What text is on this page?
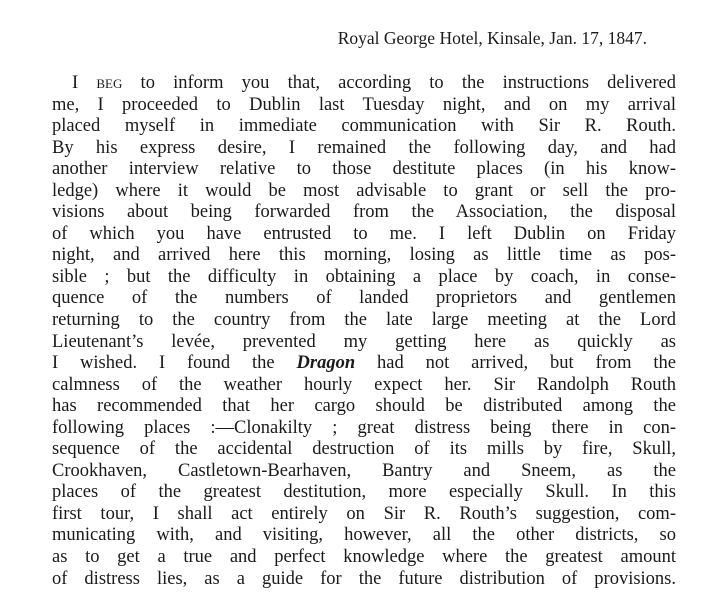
Royal George Hotel, Kinsale, Jan. 17, 1847.
I beg to inform you that, according to the instructions delivered
me, I proceeded to Dublin last Tuesday night, and on my arrival
placed myself in immediate communication with Sir R. Routh.
By his express desire, I remained the following day, and had
another interview relative to those destitute places (in his know-
ledge) where it would be most advisable to grant or sell the pro-
visions about being forwarded from the Association, the disposal
of which you have entrusted to me. I left Dublin on Friday
night, and arrived here this morning, losing as little time as pos-
sible ; but the difficulty in obtaining a place by coach, in conse-
quence of the numbers of landed proprietors and gentlemen
returning to the country from the late large meeting at the Lord
Lieutenant’s levée, prevented my getting here as quickly as
I wished. I found the Dragon had not arrived, but from the
calmness of the weather hourly expect her. Sir Randolph Routh
has recommended that her cargo should be distributed among the
following places :—Clonakilty ; great distress being there in con-
sequence of the accidental destruction of its mills by fire, Skull,
Crookhaven, Castletown-Bearhaven, Bantry and Sneem, as the
places of the greatest destitution, more especially Skull. In this
first tour, I shall act entirely on Sir R. Routh’s suggestion, com-
municating with, and visiting, however, all the other districts, so
as to get a true and perfect knowledge where the greatest amount
of distress lies, as a guide for the future distribution of provisions.
